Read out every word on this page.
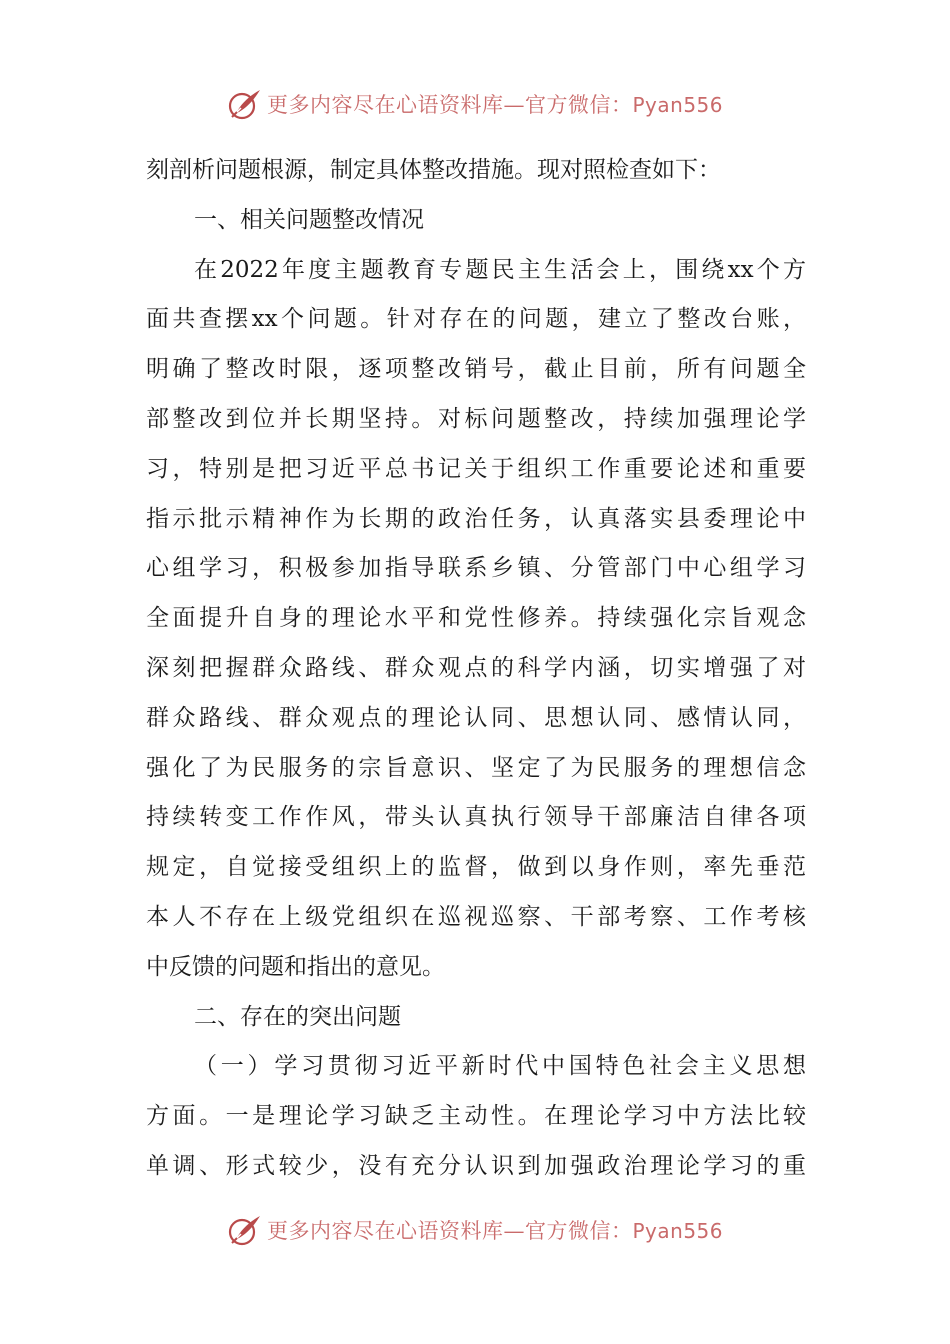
更多内容尽在心语资料库—官方微信：Pyan556
刻剖析问题根源，制定具体整改措施。现对照检查如下：
一、相关问题整改情况
在2022年度主题教育专题民主生活会上，围绕xx个方
面共查摆xx个问题。针对存在的问题，建立了整改台账，
明确了整改时限，逐项整改销号，截止目前，所有问题全
部整改到位并长期坚持。对标问题整改，持续加强理论学
习，特别是把习近平总书记关于组织工作重要论述和重要
指示批示精神作为长期的政治任务，认真落实县委理论中
心组学习，积极参加指导联系乡镇、分管部门中心组学习
全面提升自身的理论水平和党性修养。持续强化宗旨观念
深刻把握群众路线、群众观点的科学内涵，切实增强了对
群众路线、群众观点的理论认同、思想认同、感情认同，
强化了为民服务的宗旨意识、坚定了为民服务的理想信念
持续转变工作作风，带头认真执行领导干部廉洁自律各项
规定，自觉接受组织上的监督，做到以身作则，率先垂范
本人不存在上级党组织在巡视巡察、干部考察、工作考核
中反馈的问题和指出的意见。
二、存在的突出问题
（一）学习贯彻习近平新时代中国特色社会主义思想
方面。一是理论学习缺乏主动性。在理论学习中方法比较
单调、形式较少，没有充分认识到加强政治理论学习的重
更多内容尽在心语资料库—官方微信：Pyan556
